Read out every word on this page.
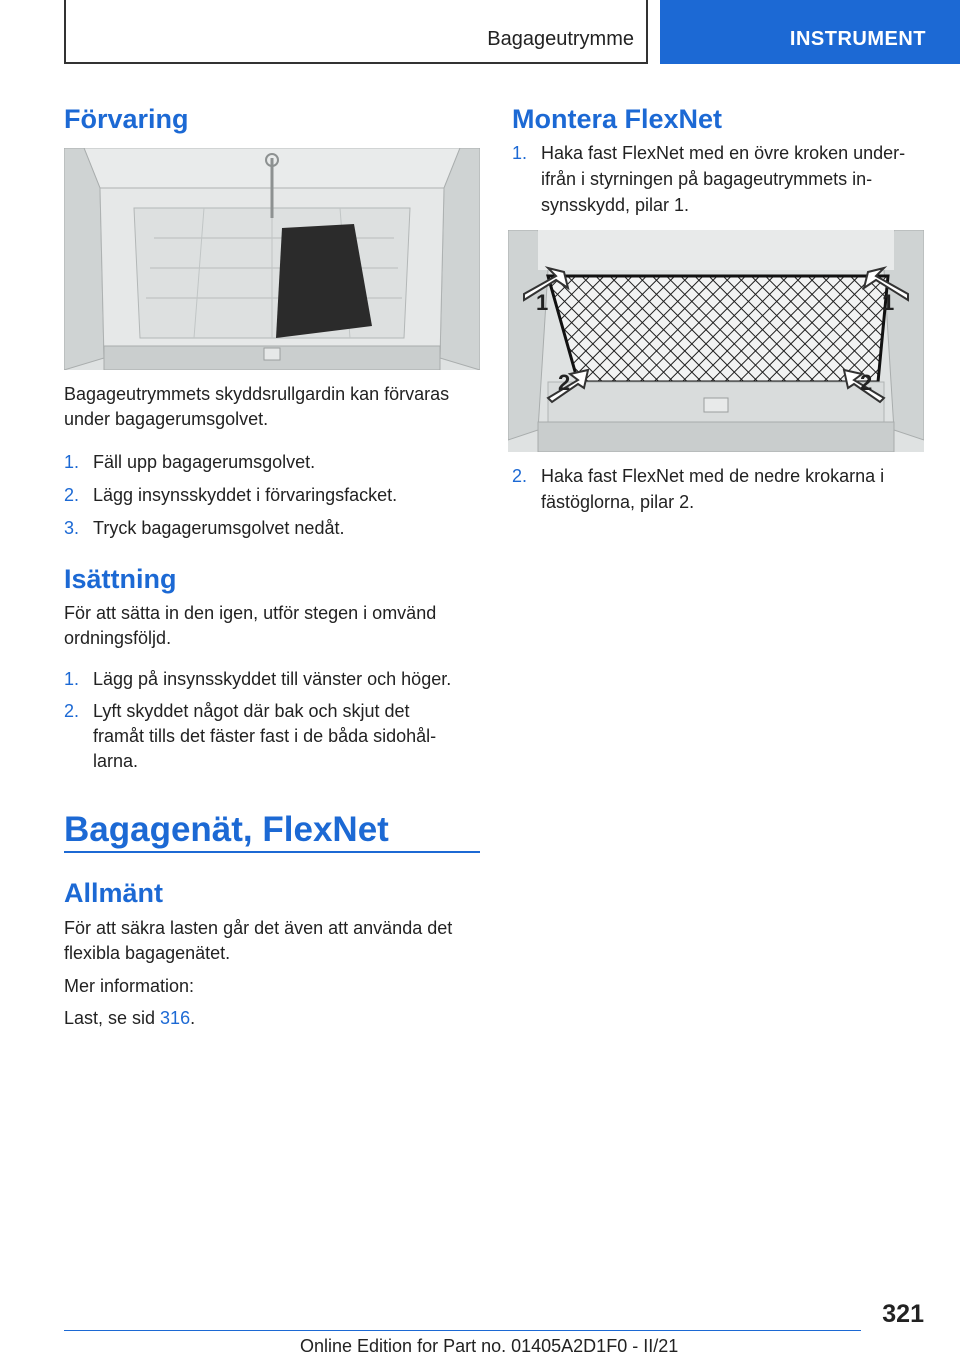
Bagageutrymme	INSTRUMENT
Förvaring

Bagageutrymmets skyddsrullgardin kan förvaras

under bagagerumsgolvet.

1. Fäll upp bagagerumsgolvet.
2. Lägg insynsskyddet i förvaringsfacket.
3. Tryck bagagerumsgolvet nedåt.
Isättning

För att sätta in den igen, utför stegen i omvänd

ordningsföljd.

1. Lägg på insynsskyddet till vänster och höger.
2. Lyft skyddet något där bak och skjut det
framåt tills det fäster fast i de båda sidohål-
larna.
Bagagenät, FlexNet
Allmänt

För att säkra lasten går det även att använda det

flexibla bagagenätet.

Mer information:

Last, se sid 316.

Montera FlexNet
1. Haka fast FlexNet med en övre kroken under-
ifrån i styrningen på bagageutrymmets in-
synsskydd, pilar 1.
1	1
2	2
2. Haka fast FlexNet med de nedre krokarna i
fästöglorna, pilar 2.
321
Online Edition for Part no. 01405A2D1F0 - II/21
